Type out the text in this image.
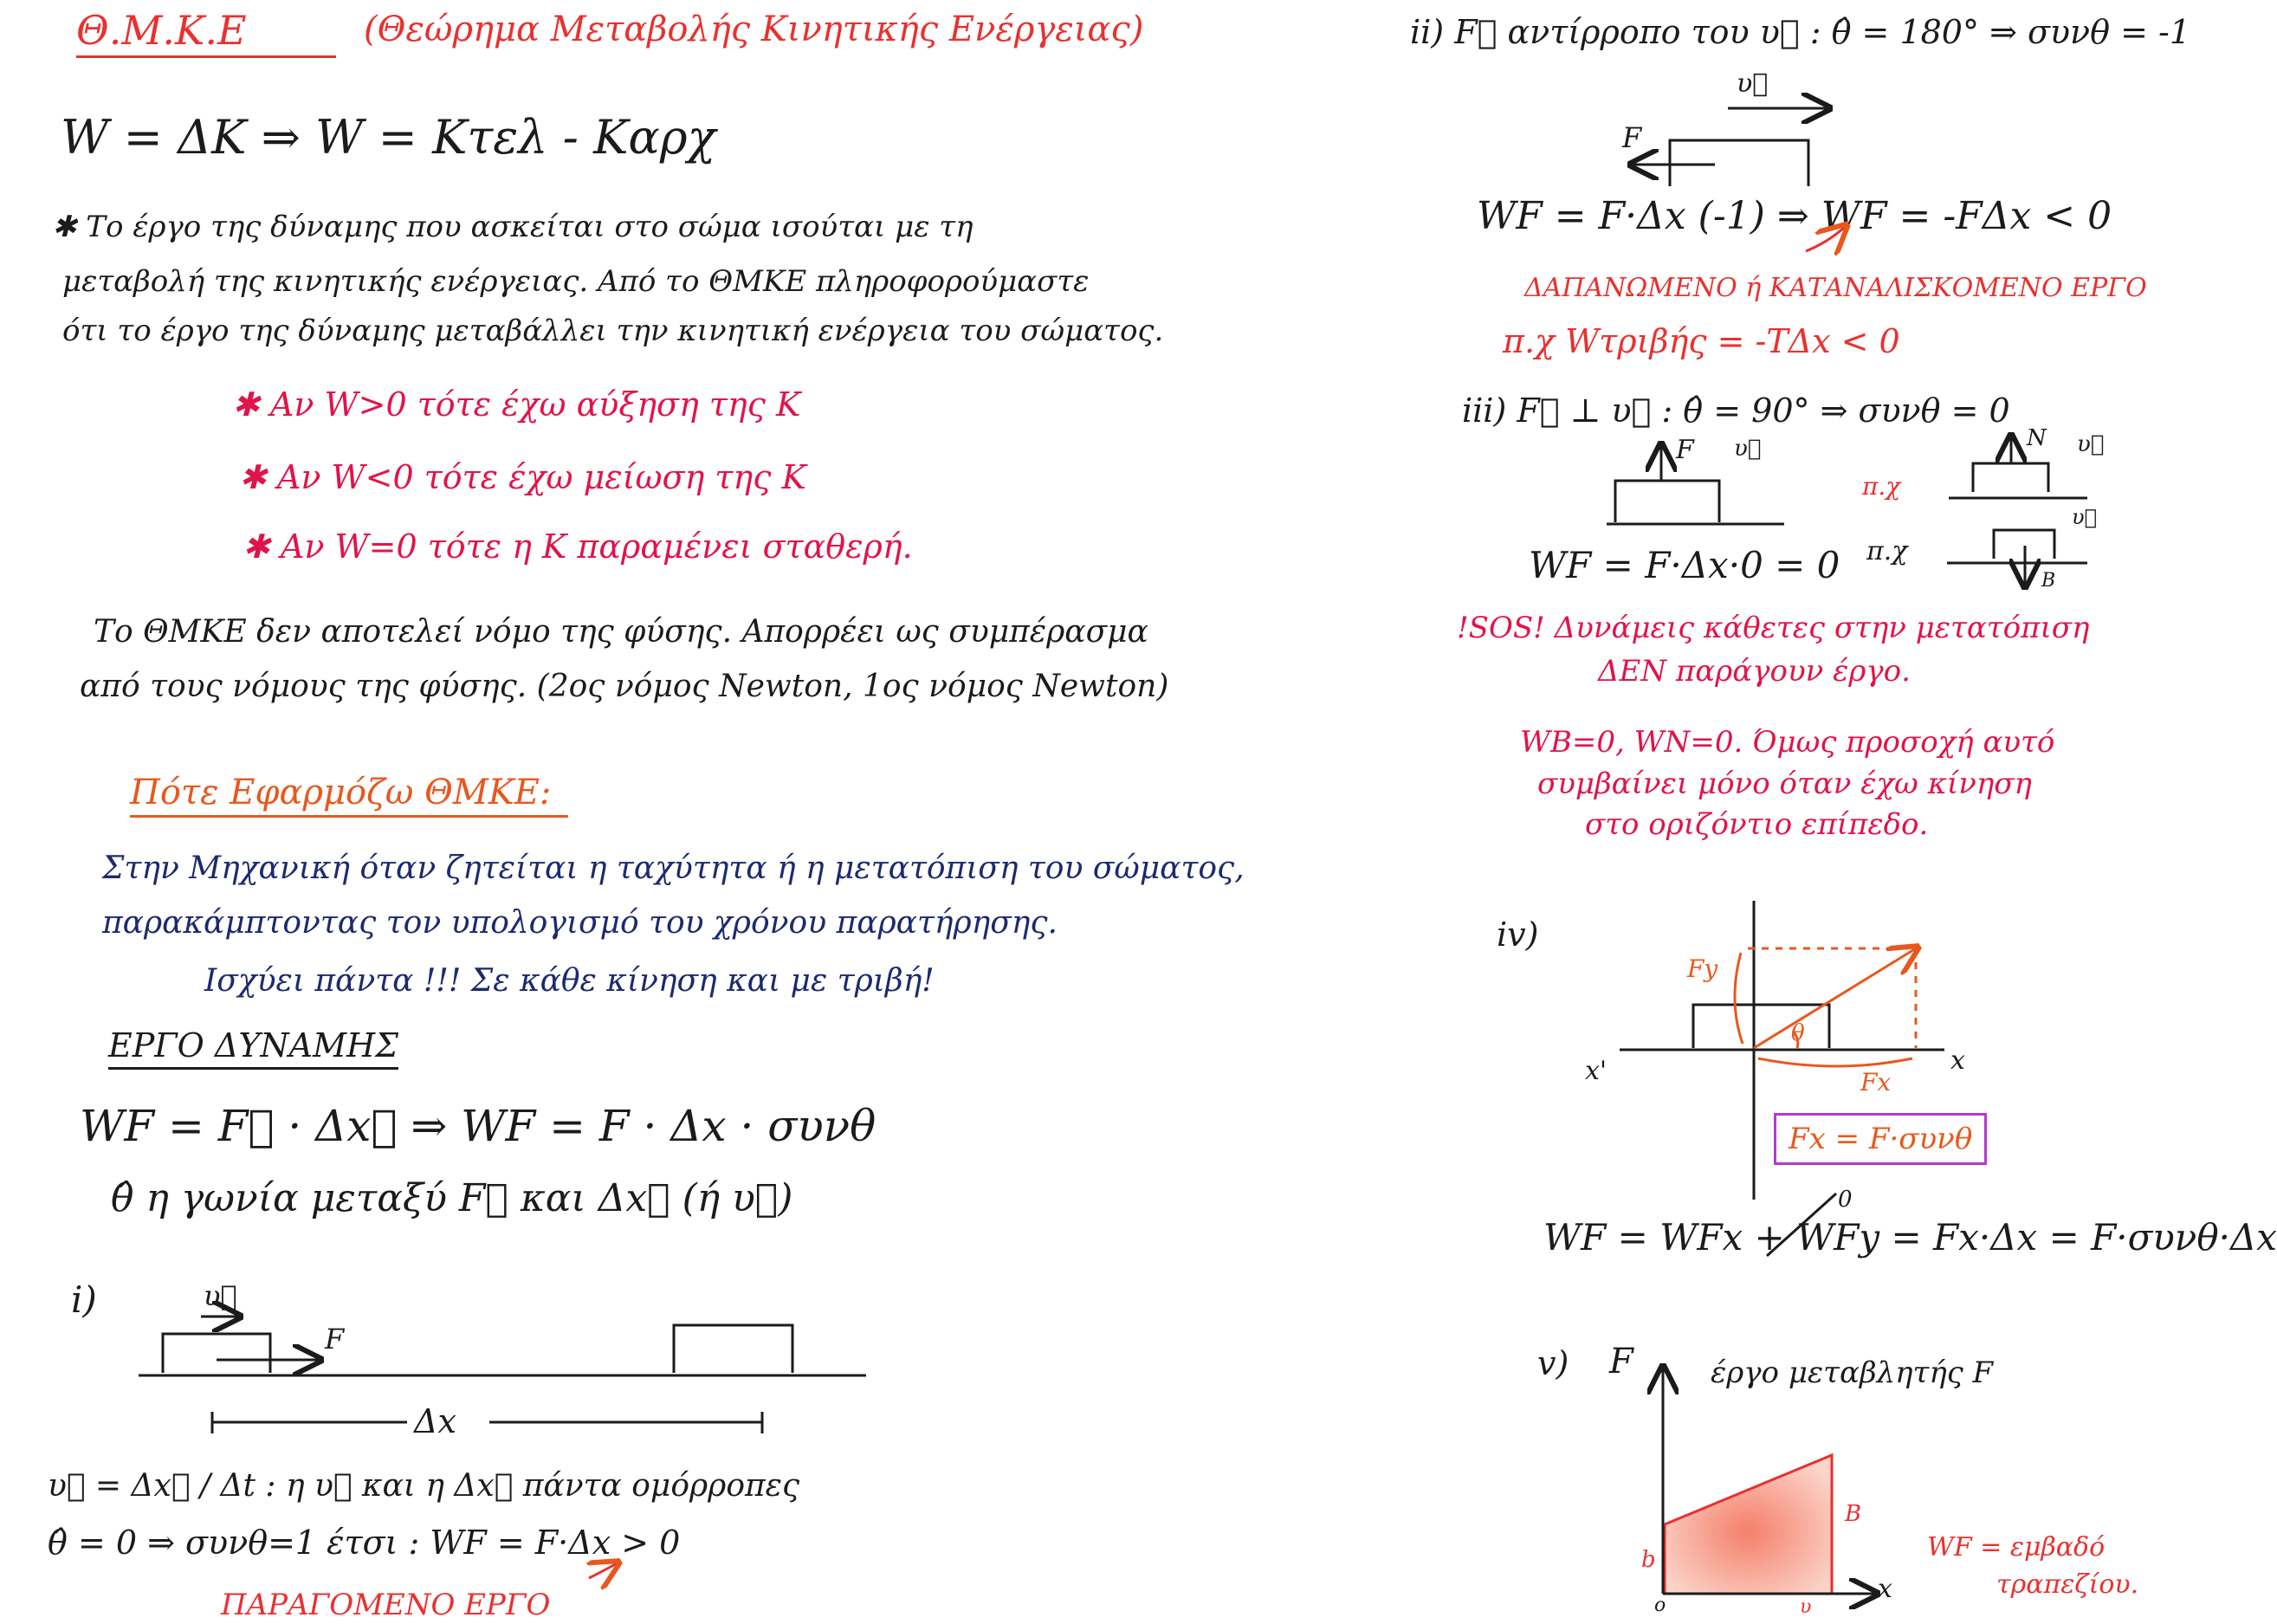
Θ.Μ.Κ.Ε	(Θεώρημα Μεταβολής Κινητικής Ενέργειας)
W = ΔΚ ⇒ W = Κτελ - Καρχ
✱ Το έργο της δύναμης που ασκείται στο σώμα ισούται με τη
μεταβολή της κινητικής ενέργειας. Από το ΘΜΚΕ πληροφορούμαστε
ότι το έργο της δύναμης μεταβάλλει την κινητική ενέργεια του σώματος.
✱ Αν W>0 τότε έχω αύξηση της Κ
✱ Αν W<0 τότε έχω μείωση της Κ
✱ Αν W=0 τότε η Κ παραμένει σταθερή.
Το ΘΜΚΕ δεν αποτελεί νόμο της φύσης. Απορρέει ως συμπέρασμα
από τους νόμους της φύσης. (2ος νόμος Newton, 1ος νόμος Newton)
Πότε Εφαρμόζω ΘΜΚΕ:
Στην Μηχανική όταν ζητείται η ταχύτητα ή η μετατόπιση του σώματος,
παρακάμπτοντας τον υπολογισμό του χρόνου παρατήρησης.
Ισχύει πάντα !!! Σε κάθε κίνηση και με τριβή!
ΕΡΓΟ ΔΥΝΑΜΗΣ
WF = F⃗ · Δx⃗ ⇒ WF = F · Δx · συνθ
θ̂ η γωνία μεταξύ F⃗ και Δx⃗ (ή υ⃗)
i)	υ⃗
F
Δx
υ⃗ = Δx⃗ / Δt : η υ⃗ και η Δx⃗ πάντα ομόρροπες
θ̂ = 0 ⇒ συνθ=1 έτσι : WF = F·Δx > 0
ΠΑΡΑΓΟΜΕΝΟ ΕΡΓΟ
ii) F⃗ αντίρροπο του υ⃗ : θ̂ = 180° ⇒ συνθ = -1
υ⃗
F
WF = F·Δx (-1) ⇒ WF = -FΔx < 0
ΔΑΠΑΝΩΜΕΝΟ ή ΚΑΤΑΝΑΛΙΣΚΟΜΕΝΟ ΕΡΓΟ
π.χ Wτριβής = -ΤΔx < 0
iii) F⃗ ⊥ υ⃗ : θ̂ = 90° ⇒ συνθ = 0
F υ⃗
π.χ
N υ⃗
WF = F·Δx·0 = 0 π.χ
υ⃗
B
!SOS! Δυνάμεις κάθετες στην μετατόπιση
ΔΕΝ παράγουν έργο.
WB=0, WN=0. Όμως προσοχή αυτό
συμβαίνει μόνο όταν έχω κίνηση
στο οριζόντιο επίπεδο.
iv)
Fy
θ
Fx
x
x'
Fx = F·συνθ
0
WF = WFx + WFy = Fx·Δx = F·συνθ·Δx
v) F	έργο μεταβλητής F
b
B
x
o	υ
WF = εμβαδό
τραπεζίου.
